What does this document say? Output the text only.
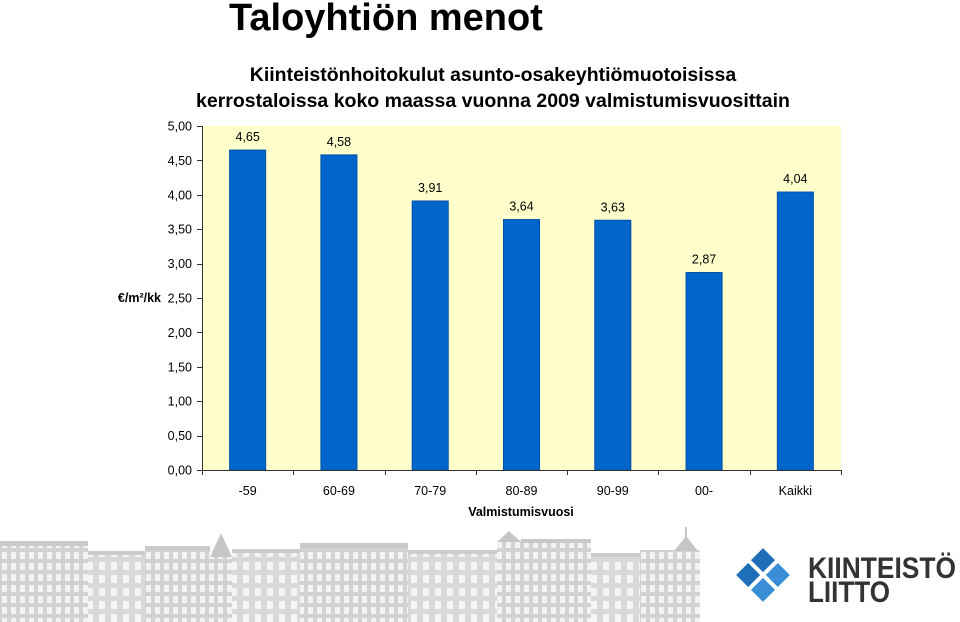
Taloyhtiön menot
Kiinteistönhoitokulut asunto-osakeyhtiömuotoisissa
kerrostaloissa koko maassa vuonna 2009 valmistumisvuosittain
4,65
-59
4,58
60-69
3,91
70-79
3,64
80-89
3,63
90-99
2,87
00-
4,04
Kaikki
0,00
0,50
1,00
1,50
2,00
2,50
3,00
3,50
4,00
4,50
5,00
€/m²/kk
Valmistumisvuosi
KIINTEISTÖ
LIITTO
